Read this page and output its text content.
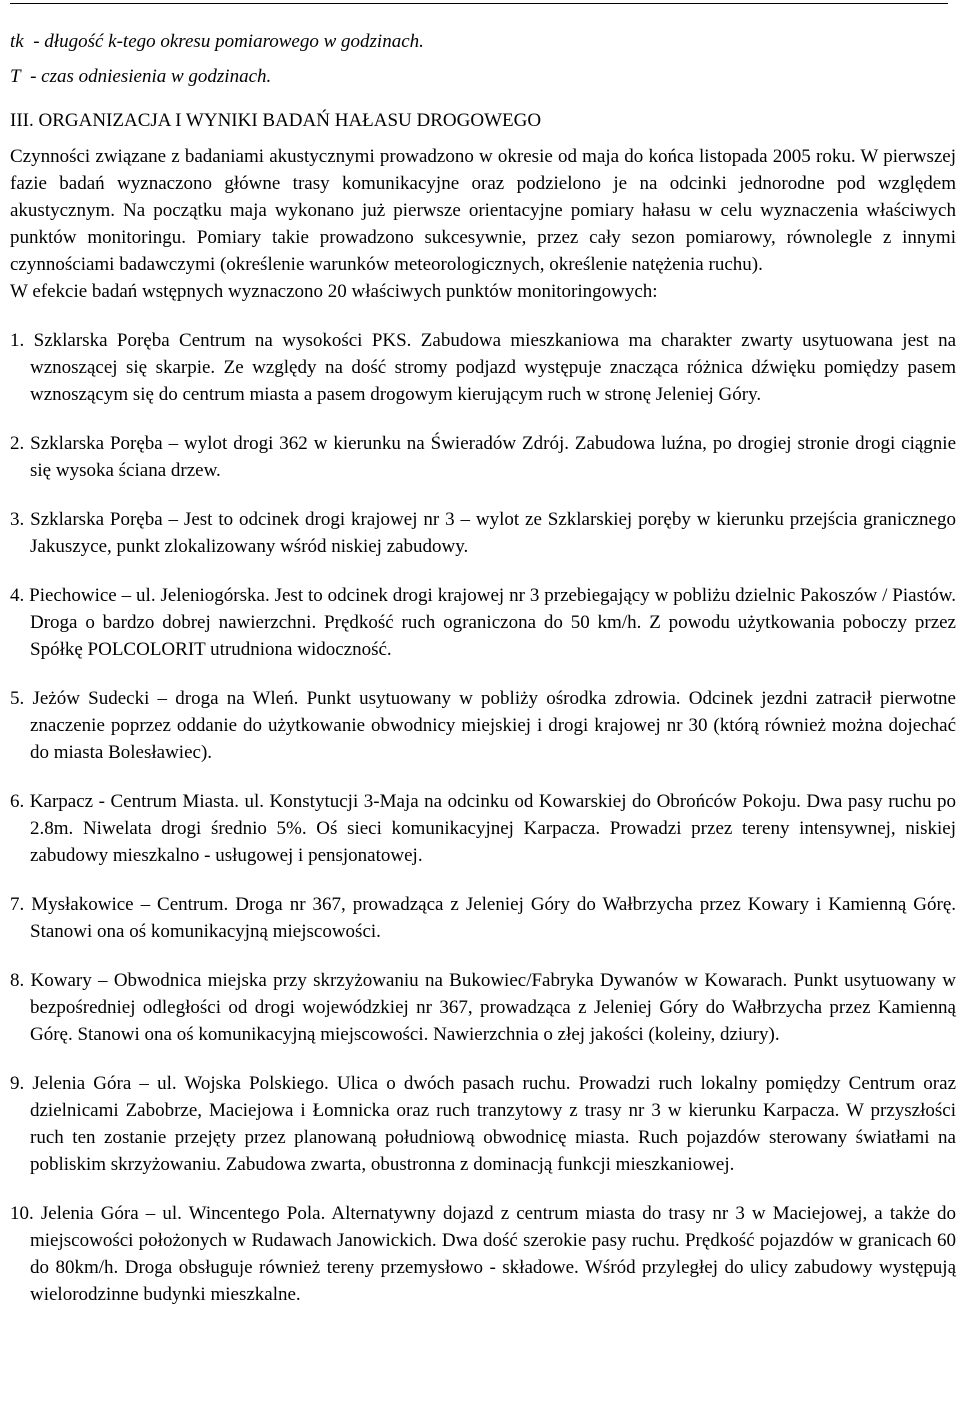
tk - długość k-tego okresu pomiarowego w godzinach.

T - czas odniesienia w godzinach.

III. ORGANIZACJA I WYNIKI BADAŃ HAŁASU DROGOWEGO

Czynności związane z badaniami akustycznymi prowadzono w okresie od maja do końca listopada 2005 roku. W pierwszej fazie badań wyznaczono główne trasy komunikacyjne oraz podzielono je na odcinki jednorodne pod względem akustycznym. Na początku maja wykonano już pierwsze orientacyjne pomiary hałasu w celu wyznaczenia właściwych punktów monitoringu. Pomiary takie prowadzono sukcesywnie, przez cały sezon pomiarowy, równolegle z innymi czynnościami badawczymi (określenie warunków meteorologicznych, określenie natężenia ruchu).

W efekcie badań wstępnych wyznaczono 20 właściwych punktów monitoringowych:

1. Szklarska Poręba Centrum na wysokości PKS. Zabudowa mieszkaniowa ma charakter zwarty usytuowana jest na wznoszącej się skarpie. Ze względy na dość stromy podjazd występuje znacząca różnica dźwięku pomiędzy pasem wznoszącym się do centrum miasta a pasem drogowym kierującym ruch w stronę Jeleniej Góry.

2. Szklarska Poręba – wylot drogi 362 w kierunku na Świeradów Zdrój. Zabudowa luźna, po drogiej stronie drogi ciągnie się wysoka ściana drzew.

3. Szklarska Poręba – Jest to odcinek drogi krajowej nr 3 – wylot ze Szklarskiej poręby w kierunku przejścia granicznego Jakuszyce, punkt zlokalizowany wśród niskiej zabudowy.

4. Piechowice – ul. Jeleniogórska. Jest to odcinek drogi krajowej nr 3 przebiegający w pobliżu dzielnic Pakoszów / Piastów. Droga o bardzo dobrej nawierzchni. Prędkość ruch ograniczona do 50 km/h. Z powodu użytkowania poboczy przez Spółkę POLCOLORIT utrudniona widoczność.

5. Jeżów Sudecki – droga na Wleń. Punkt usytuowany w pobliży ośrodka zdrowia. Odcinek jezdni zatracił pierwotne znaczenie poprzez oddanie do użytkowanie obwodnicy miejskiej i drogi krajowej nr 30 (którą również można dojechać do miasta Bolesławiec).

6. Karpacz - Centrum Miasta. ul. Konstytucji 3-Maja na odcinku od Kowarskiej do Obrońców Pokoju. Dwa pasy ruchu po 2.8m. Niwelata drogi średnio 5%. Oś sieci komunikacyjnej Karpacza. Prowadzi przez tereny intensywnej, niskiej zabudowy mieszkalno - usługowej i pensjonatowej.

7. Mysłakowice – Centrum. Droga nr 367, prowadząca z Jeleniej Góry do Wałbrzycha przez Kowary i Kamienną Górę. Stanowi ona oś komunikacyjną miejscowości.

8. Kowary – Obwodnica miejska przy skrzyżowaniu na Bukowiec/Fabryka Dywanów w Kowarach. Punkt usytuowany w bezpośredniej odległości od drogi wojewódzkiej nr 367, prowadząca z Jeleniej Góry do Wałbrzycha przez Kamienną Górę. Stanowi ona oś komunikacyjną miejscowości. Nawierzchnia o złej jakości (koleiny, dziury).

9. Jelenia Góra – ul. Wojska Polskiego. Ulica o dwóch pasach ruchu. Prowadzi ruch lokalny pomiędzy Centrum oraz dzielnicami Zabobrze, Maciejowa i Łomnicka oraz ruch tranzytowy z trasy nr 3 w kierunku Karpacza. W przyszłości ruch ten zostanie przejęty przez planowaną południową obwodnicę miasta. Ruch pojazdów sterowany światłami na pobliskim skrzyżowaniu. Zabudowa zwarta, obustronna z dominacją funkcji mieszkaniowej.

10. Jelenia Góra – ul. Wincentego Pola. Alternatywny dojazd z centrum miasta do trasy nr 3 w Maciejowej, a także do miejscowości położonych w Rudawach Janowickich. Dwa dość szerokie pasy ruchu. Prędkość pojazdów w granicach 60 do 80km/h. Droga obsługuje również tereny przemysłowo - składowe. Wśród przyległej do ulicy zabudowy występują wielorodzinne budynki mieszkalne.
